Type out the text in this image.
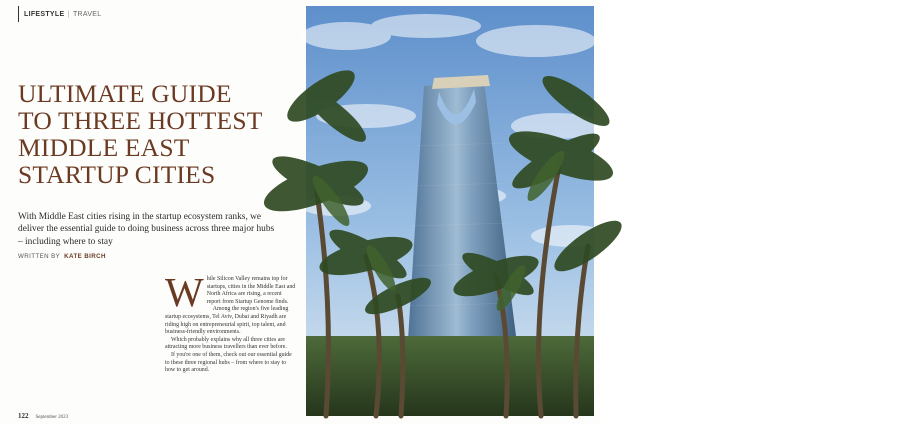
LIFESTYLE | TRAVEL
ULTIMATE GUIDE
TO THREE HOTTEST
MIDDLE EAST
STARTUP CITIES
With Middle East cities rising in the startup ecosystem ranks, we deliver the essential guide to doing business across three major hubs – including where to stay
WRITTEN BY KATE BIRCH
W hile Silicon Valley remains top for startups, cities in the Middle East and North Africa are rising, a recent report from Startup Genome finds.

Among the region's five leading startup ecosystems, Tel Aviv, Dubai and Riyadh are riding high on entrepreneurial spirit, top talent, and business-friendly environments.

Which probably explains why all three cities are attracting more business travellers than ever before.

If you're one of them, check out our essential guide to these three regional hubs – from where to stay to how to get around.

122 September 2023
Four Seasons Hotel Riyadh
